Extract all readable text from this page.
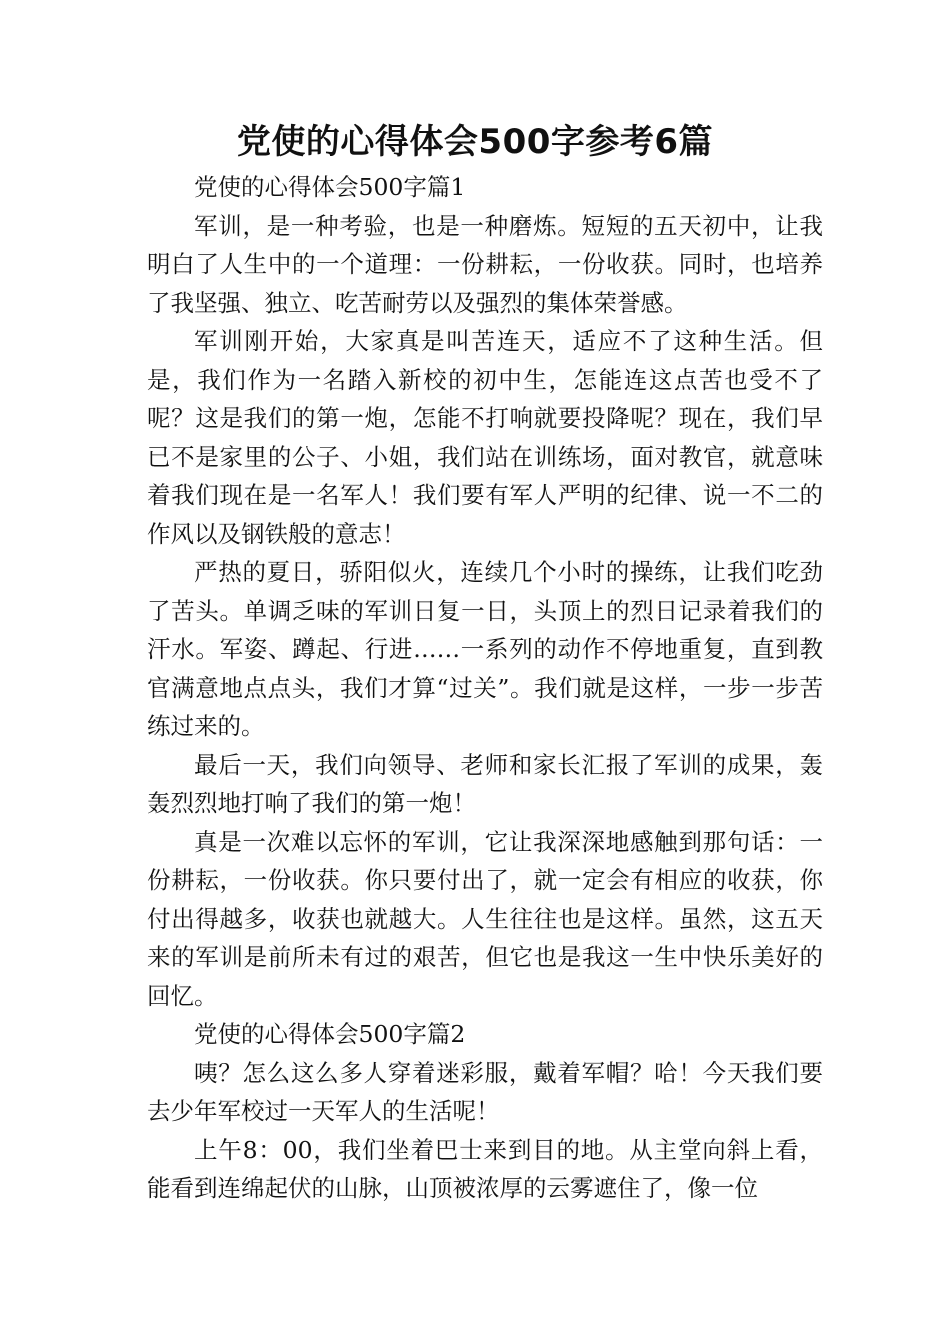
党使的心得体会500字参考6篇

党使的心得体会500字篇1

军训，是一种考验，也是一种磨炼。短短的五天初中，让我明白了人生中的一个道理：一份耕耘，一份收获。同时，也培养了我坚强、独立、吃苦耐劳以及强烈的集体荣誉感。

军训刚开始，大家真是叫苦连天，适应不了这种生活。但是，我们作为一名踏入新校的初中生，怎能连这点苦也受不了呢？这是我们的第一炮，怎能不打响就要投降呢？现在，我们早已不是家里的公子、小姐，我们站在训练场，面对教官，就意味着我们现在是一名军人！我们要有军人严明的纪律、说一不二的作风以及钢铁般的意志！

严热的夏日，骄阳似火，连续几个小时的操练，让我们吃劲了苦头。单调乏味的军训日复一日，头顶上的烈日记录着我们的汗水。军姿、蹲起、行进……一系列的动作不停地重复，直到教官满意地点点头，我们才算“过关”。我们就是这样，一步一步苦练过来的。

最后一天，我们向领导、老师和家长汇报了军训的成果，轰轰烈烈地打响了我们的第一炮！

真是一次难以忘怀的军训，它让我深深地感触到那句话：一份耕耘，一份收获。你只要付出了，就一定会有相应的收获，你付出得越多，收获也就越大。人生往往也是这样。虽然，这五天来的军训是前所未有过的艰苦，但它也是我这一生中快乐美好的回忆。

党使的心得体会500字篇2

咦？怎么这么多人穿着迷彩服，戴着军帽？哈！今天我们要去少年军校过一天军人的生活呢！

上午8：00，我们坐着巴士来到目的地。从主堂向斜上看，能看到连绵起伏的山脉，山顶被浓厚的云雾遮住了，像一位
